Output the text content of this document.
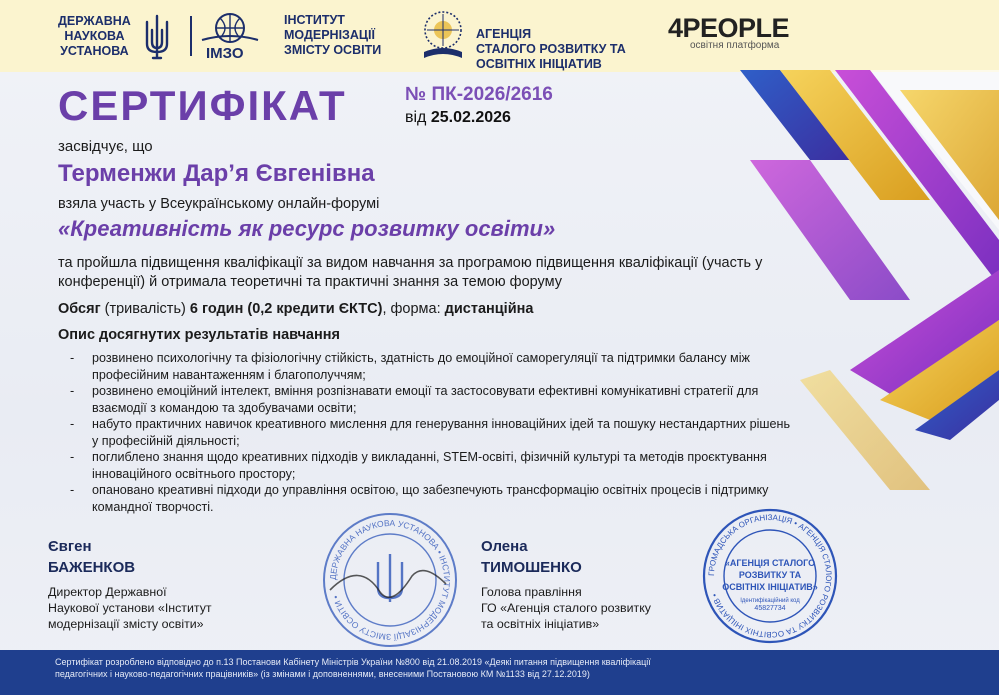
ДЕРЖАВНА
НАУКОВА
УСТАНОВА	ІМЗО
ІНСТИТУТ
МОДЕРНІЗАЦІЇ
ЗМІСТУ ОСВІТИ
АГЕНЦІЯ
СТАЛОГО РОЗВИТКУ ТА
ОСВІТНІХ ІНІЦІАТИВ
4PEOPLE
освітня платформа
СЕРТИФІКАТ	№ ПК-2026/2616
від 25.02.2026
засвідчує, що
Терменжи Дар’я Євгенівна
взяла участь у Всеукраїнському онлайн-форумі
«Креативність як ресурс розвитку освіти»
та пройшла підвищення кваліфікації за видом навчання за програмою підвищення кваліфікації (участь у конференції) й отримала теоретичні та практичні знання за темою форуму
Обсяг (тривалість) 6 годин (0,2 кредити ЄКТС), форма: дистанційна
Опис досягнутих результатів навчання
- розвинено психологічну та фізіологічну стійкість, здатність до емоційної саморегуляції та підтримки балансу між професійним навантаженням і благополуччям;
- розвинено емоційний інтелект, вміння розпізнавати емоції та застосовувати ефективні комунікативні стратегії для взаємодії з командою та здобувачами освіти;
- набуто практичних навичок креативного мислення для генерування інноваційних ідей та пошуку нестандартних рішень у професійній діяльності;
- поглиблено знання щодо креативних підходів у викладанні, STEM-освіті, фізичній культурі та методів проєктування інноваційного освітнього простору;
- опановано креативні підходи до управління освітою, що забезпечують трансформацію освітніх процесів і підтримку командної творчості.
Євген
БАЖЕНКОВ
Директор Державної
Наукової установи «Інститут
модернізації змісту освіти»
ДЕРЖАВНА НАУКОВА УСТАНОВА • ІНСТИТУТ МОДЕРНІЗАЦІЇ ЗМІСТУ ОСВІТИ •
Олена
ТИМОШЕНКО
Голова правління
ГО «Агенція сталого розвитку
та освітніх ініціатив»
ГРОМАДСЬКА ОРГАНІЗАЦІЯ • АГЕНЦІЯ СТАЛОГО РОЗВИТКУ ТА ОСВІТНІХ ІНІЦІАТИВ •
«АГЕНЦІЯ СТАЛОГО
РОЗВИТКУ ТА
ОСВІТНІХ ІНІЦІАТИВ»
Ідентифікаційний код
45827734
Сертифікат розроблено відповідно до п.13 Постанови Кабінету Міністрів України №800 від 21.08.2019 «Деякі питання підвищення кваліфікації педагогічних і науково-педагогічних працівників» (із змінами і доповненнями, внесеними Постановою КМ №1133 від 27.12.2019)
